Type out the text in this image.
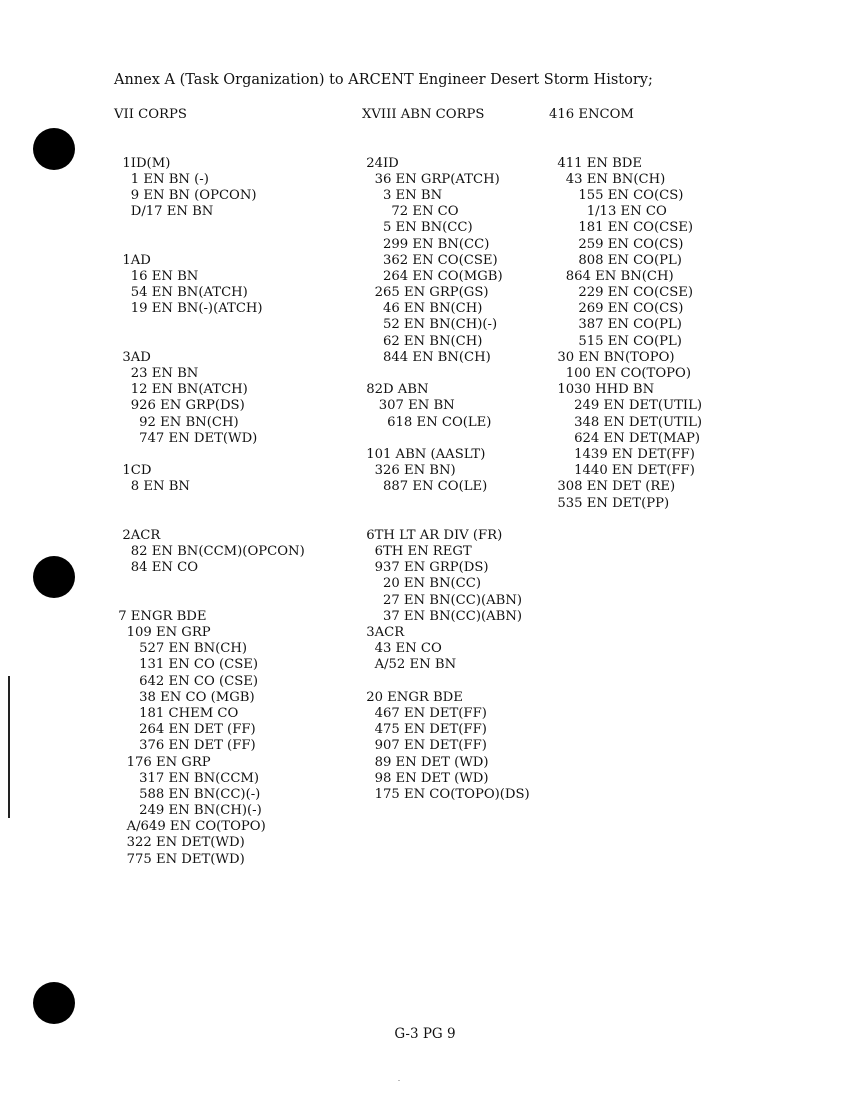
Annex A (Task Organization) to ARCENT Engineer Desert Storm History;
VII CORPS
1ID(M)
1 EN BN (-)
9 EN BN (OPCON)
D/17 EN BN
1AD
16 EN BN
54 EN BN(ATCH)
19 EN BN(-)(ATCH)
3AD
23 EN BN
12 EN BN(ATCH)
926 EN GRP(DS)
92 EN BN(CH)
747 EN DET(WD)
1CD
8 EN BN
2ACR
82 EN BN(CCM)(OPCON)
84 EN CO
7 ENGR BDE
109 EN GRP
527 EN BN(CH)
131 EN CO (CSE)
642 EN CO (CSE)
38 EN CO (MGB)
181 CHEM CO
264 EN DET (FF)
376 EN DET (FF)
176 EN GRP
317 EN BN(CCM)
588 EN BN(CC)(-)
249 EN BN(CH)(-)
A/649 EN CO(TOPO)
322 EN DET(WD)
775 EN DET(WD)
XVIII ABN CORPS
24ID
36 EN GRP(ATCH)
3 EN BN
72 EN CO
5 EN BN(CC)
299 EN BN(CC)
362 EN CO(CSE)
264 EN CO(MGB)
265 EN GRP(GS)
46 EN BN(CH)
52 EN BN(CH)(-)
62 EN BN(CH)
844 EN BN(CH)
82D ABN
307 EN BN
618 EN CO(LE)
101 ABN (AASLT)
326 EN BN)
887 EN CO(LE)
6TH LT AR DIV (FR)
6TH EN REGT
937 EN GRP(DS)
20 EN BN(CC)
27 EN BN(CC)(ABN)
37 EN BN(CC)(ABN)
3ACR
43 EN CO
A/52 EN BN
20 ENGR BDE
467 EN DET(FF)
475 EN DET(FF)
907 EN DET(FF)
89 EN DET (WD)
98 EN DET (WD)
175 EN CO(TOPO)(DS)
416 ENCOM
411 EN BDE
43 EN BN(CH)
155 EN CO(CS)
1/13 EN CO
181 EN CO(CSE)
259 EN CO(CS)
808 EN CO(PL)
864 EN BN(CH)
229 EN CO(CSE)
269 EN CO(CS)
387 EN CO(PL)
515 EN CO(PL)
30 EN BN(TOPO)
100 EN CO(TOPO)
1030 HHD BN
249 EN DET(UTIL)
348 EN DET(UTIL)
624 EN DET(MAP)
1439 EN DET(FF)
1440 EN DET(FF)
308 EN DET (RE)
535 EN DET(PP)
G-3 PG 9
